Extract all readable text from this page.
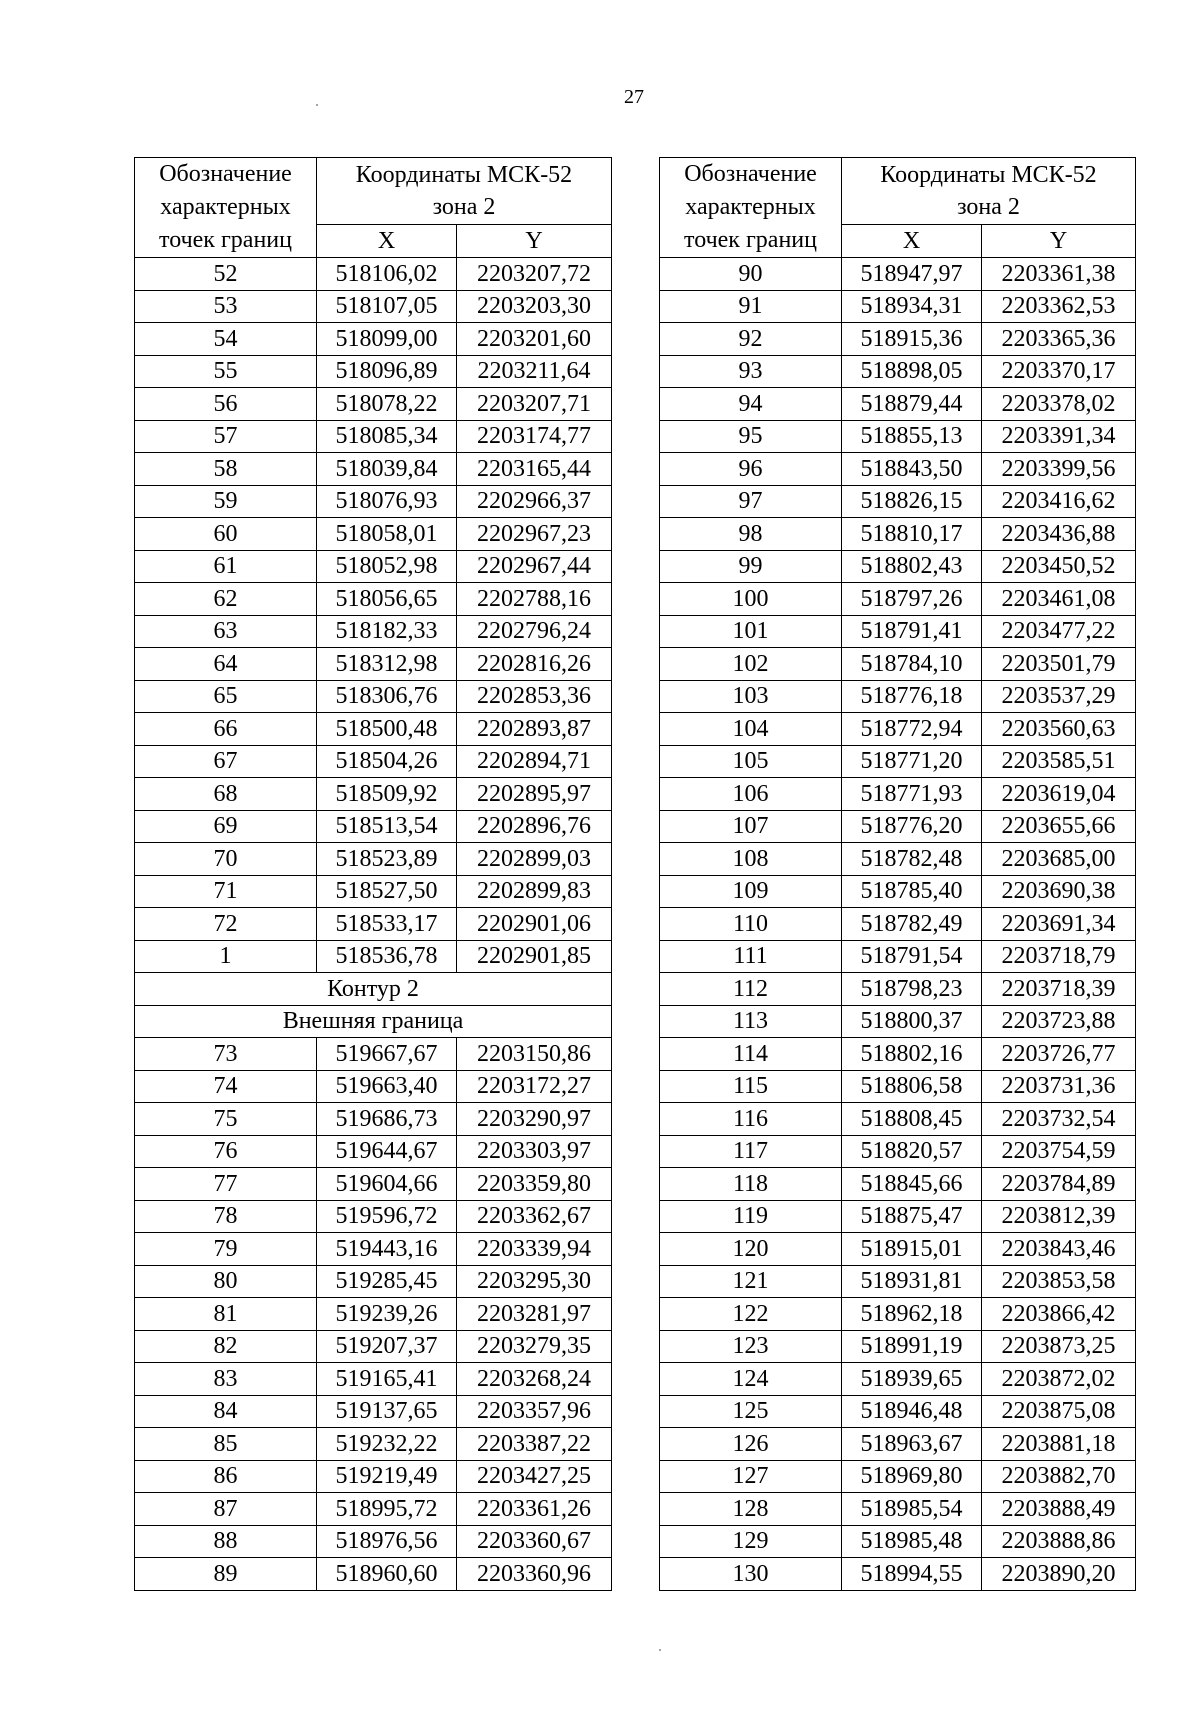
27
Обозначение
характерных
точек границ	Координаты МСК-52
зона 2	
	X	Y
52	518106,02	2203207,72
53	518107,05	2203203,30
54	518099,00	2203201,60
55	518096,89	2203211,64
56	518078,22	2203207,71
57	518085,34	2203174,77
58	518039,84	2203165,44
59	518076,93	2202966,37
60	518058,01	2202967,23
61	518052,98	2202967,44
62	518056,65	2202788,16
63	518182,33	2202796,24
64	518312,98	2202816,26
65	518306,76	2202853,36
66	518500,48	2202893,87
67	518504,26	2202894,71
68	518509,92	2202895,97
69	518513,54	2202896,76
70	518523,89	2202899,03
71	518527,50	2202899,83
72	518533,17	2202901,06
1	518536,78	2202901,85
Контур 2		
Внешняя граница		
73	519667,67	2203150,86
74	519663,40	2203172,27
75	519686,73	2203290,97
76	519644,67	2203303,97
77	519604,66	2203359,80
78	519596,72	2203362,67
79	519443,16	2203339,94
80	519285,45	2203295,30
81	519239,26	2203281,97
82	519207,37	2203279,35
83	519165,41	2203268,24
84	519137,65	2203357,96
85	519232,22	2203387,22
86	519219,49	2203427,25
87	518995,72	2203361,26
88	518976,56	2203360,67
89	518960,60	2203360,96
Обозначение
характерных
точек границ	Координаты МСК-52
зона 2	
	X	Y
90	518947,97	2203361,38
91	518934,31	2203362,53
92	518915,36	2203365,36
93	518898,05	2203370,17
94	518879,44	2203378,02
95	518855,13	2203391,34
96	518843,50	2203399,56
97	518826,15	2203416,62
98	518810,17	2203436,88
99	518802,43	2203450,52
100	518797,26	2203461,08
101	518791,41	2203477,22
102	518784,10	2203501,79
103	518776,18	2203537,29
104	518772,94	2203560,63
105	518771,20	2203585,51
106	518771,93	2203619,04
107	518776,20	2203655,66
108	518782,48	2203685,00
109	518785,40	2203690,38
110	518782,49	2203691,34
111	518791,54	2203718,79
112	518798,23	2203718,39
113	518800,37	2203723,88
114	518802,16	2203726,77
115	518806,58	2203731,36
116	518808,45	2203732,54
117	518820,57	2203754,59
118	518845,66	2203784,89
119	518875,47	2203812,39
120	518915,01	2203843,46
121	518931,81	2203853,58
122	518962,18	2203866,42
123	518991,19	2203873,25
124	518939,65	2203872,02
125	518946,48	2203875,08
126	518963,67	2203881,18
127	518969,80	2203882,70
128	518985,54	2203888,49
129	518985,48	2203888,86
130	518994,55	2203890,20
